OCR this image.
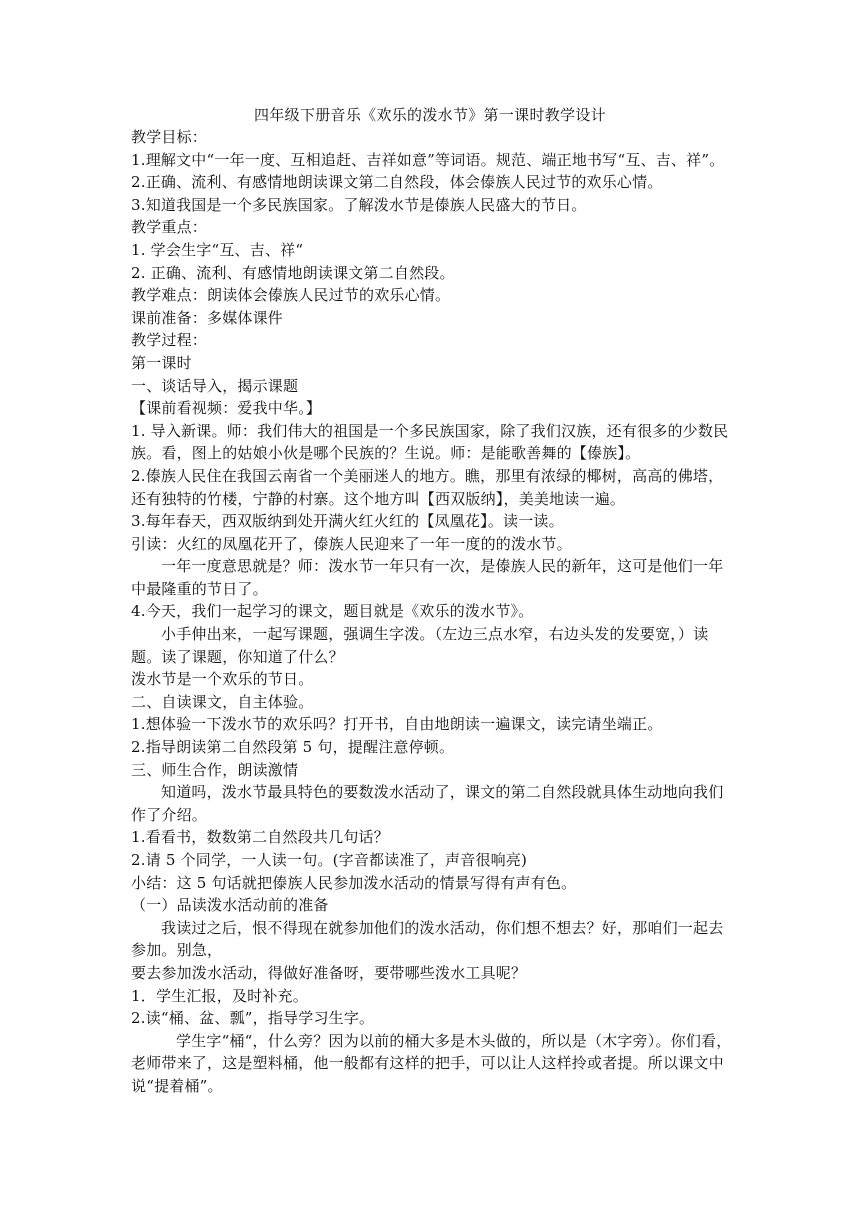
四年级下册音乐《欢乐的泼水节》第一课时教学设计

教学目标：

1.理解文中“一年一度、互相追赶、吉祥如意”等词语。规范、端正地书写“互、吉、祥”。

2.正确、流利、有感情地朗读课文第二自然段，体会傣族人民过节的欢乐心情。

3.知道我国是一个多民族国家。了解泼水节是傣族人民盛大的节日。

教学重点：

1. 学会生字“互、吉、祥“

2. 正确、流利、有感情地朗读课文第二自然段。

教学难点：朗读体会傣族人民过节的欢乐心情。

课前准备：多媒体课件

教学过程：

第一课时

一、谈话导入，揭示课题

【课前看视频：爱我中华。】

1. 导入新课。师：我们伟大的祖国是一个多民族国家，除了我们汉族，还有很多的少数民族。看，图上的姑娘小伙是哪个民族的？生说。师：是能歌善舞的【傣族】。

2.傣族人民住在我国云南省一个美丽迷人的地方。瞧，那里有浓绿的椰树，高高的佛塔，还有独特的竹楼，宁静的村寨。这个地方叫【西双版纳】，美美地读一遍。

3.每年春天，西双版纳到处开满火红火红的【凤凰花】。读一读。

引读：火红的凤凰花开了，傣族人民迎来了一年一度的的泼水节。

一年一度意思就是？师：泼水节一年只有一次，是傣族人民的新年，这可是他们一年中最隆重的节日了。

4.今天，我们一起学习的课文，题目就是《欢乐的泼水节》。

小手伸出来，一起写课题，强调生字泼。（左边三点水窄，右边头发的发要宽，）读题。读了课题，你知道了什么？

泼水节是一个欢乐的节日。

二、自读课文，自主体验。

1.想体验一下泼水节的欢乐吗？打开书，自由地朗读一遍课文，读完请坐端正。

2.指导朗读第二自然段第 5 句，提醒注意停顿。

三、师生合作，朗读激情

知道吗，泼水节最具特色的要数泼水活动了，课文的第二自然段就具体生动地向我们作了介绍。

1.看看书，数数第二自然段共几句话？

2.请 5 个同学，一人读一句。(字音都读准了，声音很响亮)

小结：这 5 句话就把傣族人民参加泼水活动的情景写得有声有色。

（一）品读泼水活动前的准备

我读过之后，恨不得现在就参加他们的泼水活动，你们想不想去？好，那咱们一起去参加。别急，

要去参加泼水活动，得做好准备呀，要带哪些泼水工具呢？

1．学生汇报，及时补充。

2.读“桶、盆、瓢”，指导学习生字。

学生字“桶“，什么旁？因为以前的桶大多是木头做的，所以是（木字旁）。你们看，老师带来了，这是塑料桶，他一般都有这样的把手，可以让人这样拎或者提。所以课文中说“提着桶”。
